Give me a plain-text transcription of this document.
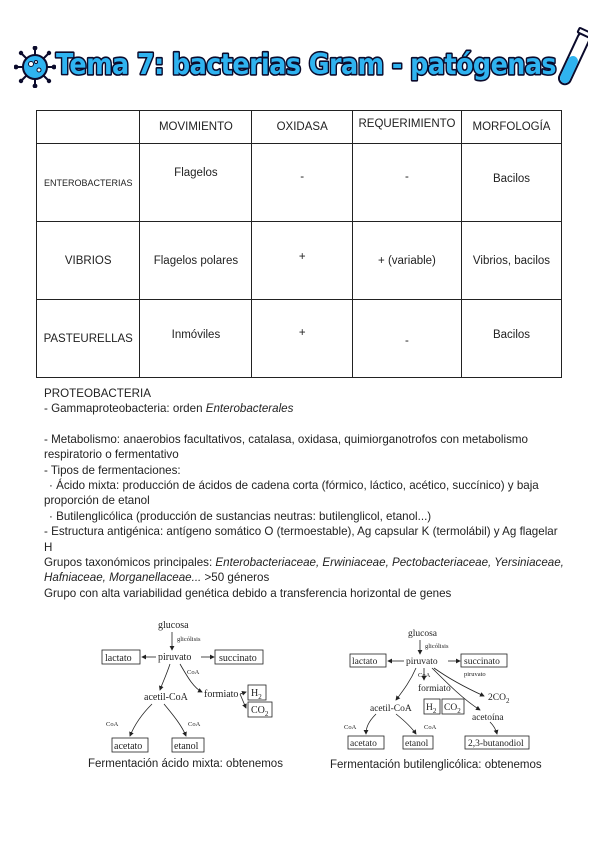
Tema 7: bacterias Gram - patógenas
	MOVIMIENTO	OXIDASA	REQUERIMIENTO	MORFOLOGÍA
ENTEROBACTERIAS	Flagelos	-	-	Bacilos
VIBRIOS	Flagelos polares	+	+ (variable)	Vibrios, bacilos
PASTEURELLAS	Inmóviles	+	-	Bacilos

PROTEOBACTERIA

- Gammaproteobacteria: orden Enterobacterales

- Metabolismo: anaerobios facultativos, catalasa, oxidasa, quimiorganotrofos con metabolismo respiratorio o fermentativo

- Tipos de fermentaciones:

· Ácido mixta: producción de ácidos de cadena corta (fórmico, láctico, acético, succínico) y baja proporción de etanol

· Butilenglicólica (producción de sustancias neutras: butilenglicol, etanol...)

- Estructura antigénica: antígeno somático O (termoestable), Ag capsular K (termolábil) y Ag flagelar H

Grupos taxonómicos principales: Enterobacteriaceae, Erwiniaceae, Pectobacteriaceae, Yersiniaceae, Hafniaceae, Morganellaceae... >50 géneros

Grupo con alta variabilidad genética debido a transferencia horizontal de genes

glucosa
glicólisis
piruvato
lactato	succinato
CoA
acetil-CoA formiato $H_2$
$CO_2$
CoA	CoA
acetato	etanol
Fermentación ácido mixta: obtenemos
glucosa
glicólisis
piruvato
lactato	succinato
piruvato
CoA
formiato
$2CO_2$
acetil-CoA $H_2$ $CO_2$
acetoína
CoA	CoA
acetato	etanol	2,3-butanodiol
Fermentación butilenglicólica: obtenemos
